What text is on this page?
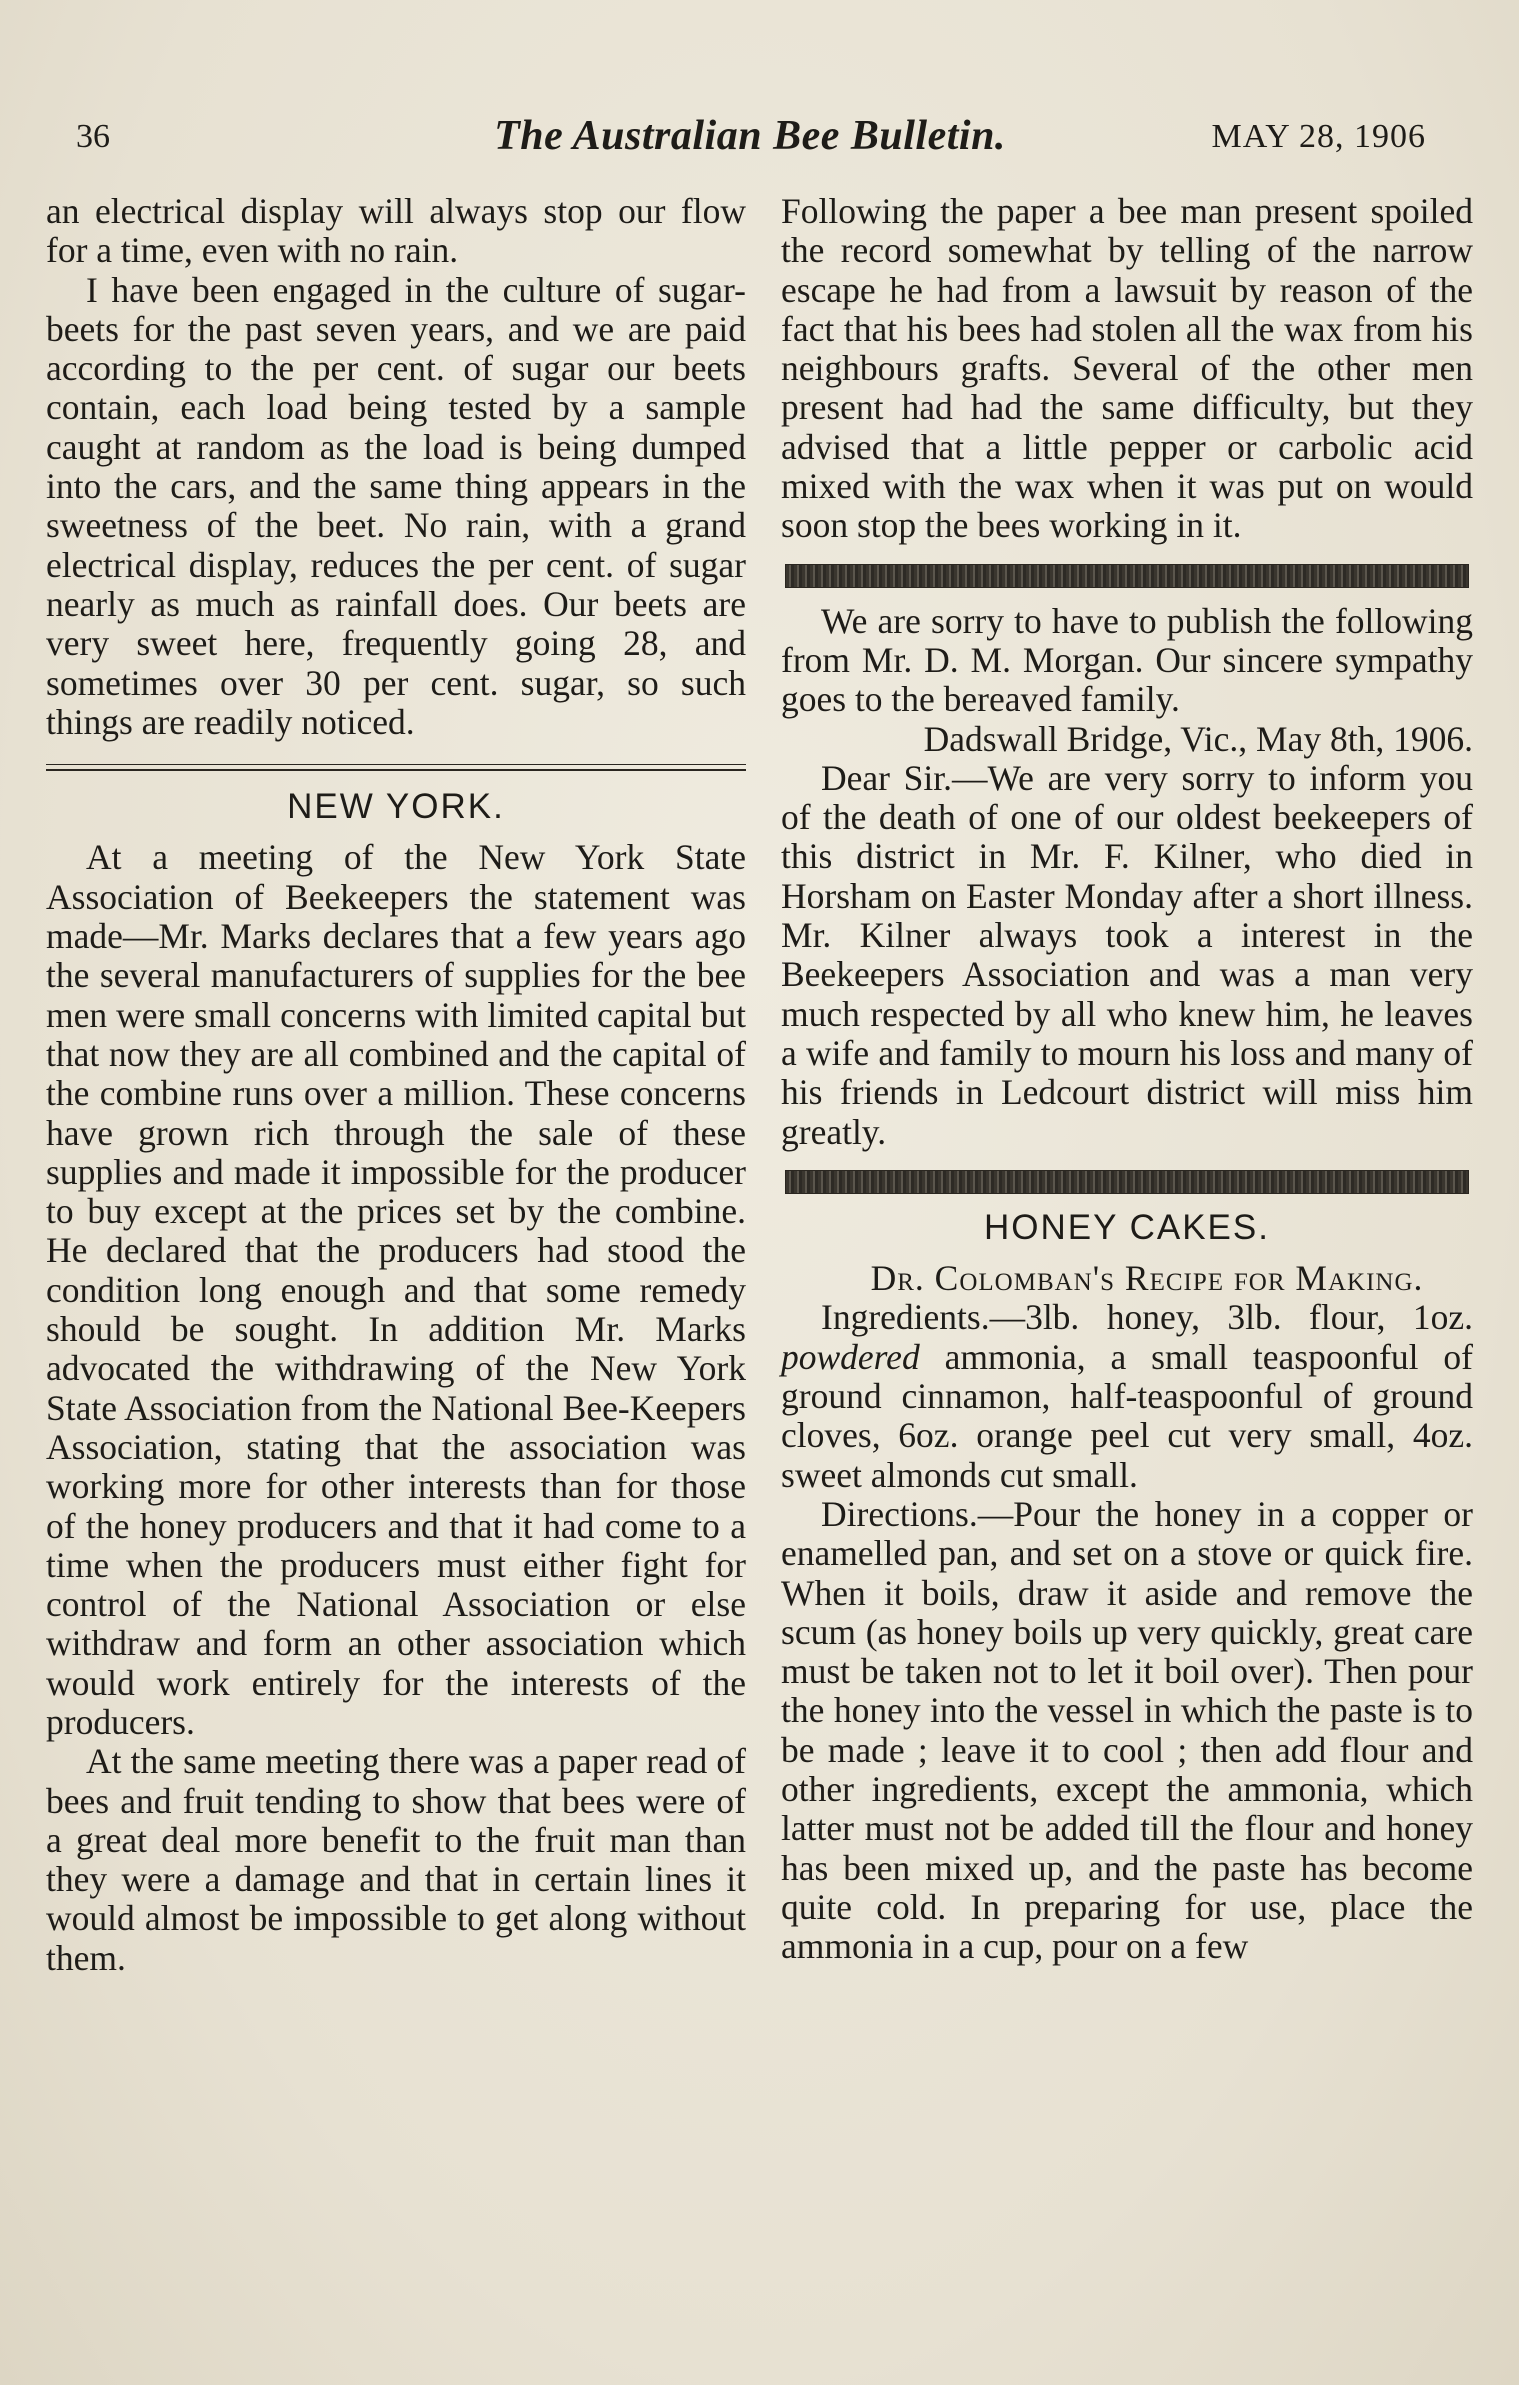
36	The Australian Bee Bulletin.	MAY 28, 1906

an electrical display will always stop our flow for a time, even with no rain.

I have been engaged in the culture of sugar-beets for the past seven years, and we are paid according to the per cent. of sugar our beets contain, each load being tested by a sample caught at random as the load is being dumped into the cars, and the same thing appears in the sweetness of the beet. No rain, with a grand electrical display, reduces the per cent. of sugar nearly as much as rainfall does. Our beets are very sweet here, frequently going 28, and sometimes over 30 per cent. sugar, so such things are readily noticed.

NEW YORK.

At a meeting of the New York State Association of Beekeepers the statement was made—Mr. Marks declares that a few years ago the several manufacturers of supplies for the bee men were small concerns with limited capital but that now they are all combined and the capital of the combine runs over a million. These concerns have grown rich through the sale of these supplies and made it impossible for the producer to buy except at the prices set by the combine. He declared that the producers had stood the condition long enough and that some remedy should be sought. In addition Mr. Marks advocated the withdrawing of the New York State Association from the National Bee-Keepers Association, stating that the association was working more for other interests than for those of the honey producers and that it had come to a time when the producers must either fight for control of the National Association or else withdraw and form an other association which would work entirely for the interests of the producers.

At the same meeting there was a paper read of bees and fruit tending to show that bees were of a great deal more benefit to the fruit man than they were a damage and that in certain lines it would almost be impossible to get along without them.

Following the paper a bee man present spoiled the record somewhat by telling of the narrow escape he had from a lawsuit by reason of the fact that his bees had stolen all the wax from his neighbours grafts. Several of the other men present had had the same difficulty, but they advised that a little pepper or carbolic acid mixed with the wax when it was put on would soon stop the bees working in it.

We are sorry to have to publish the following from Mr. D. M. Morgan. Our sincere sympathy goes to the bereaved family.

Dadswall Bridge, Vic., May 8th, 1906.

Dear Sir.—We are very sorry to inform you of the death of one of our oldest beekeepers of this district in Mr. F. Kilner, who died in Horsham on Easter Monday after a short illness. Mr. Kilner always took a interest in the Beekeepers Association and was a man very much respected by all who knew him, he leaves a wife and family to mourn his loss and many of his friends in Ledcourt district will miss him greatly.

HONEY CAKES.

Dr. Colomban's Recipe for Making.

Ingredients.—3lb. honey, 3lb. flour, 1oz. powdered ammonia, a small teaspoonful of ground cinnamon, half-teaspoonful of ground cloves, 6oz. orange peel cut very small, 4oz. sweet almonds cut small.

Directions.—Pour the honey in a copper or enamelled pan, and set on a stove or quick fire. When it boils, draw it aside and remove the scum (as honey boils up very quickly, great care must be taken not to let it boil over). Then pour the honey into the vessel in which the paste is to be made ; leave it to cool ; then add flour and other ingredients, except the ammonia, which latter must not be added till the flour and honey has been mixed up, and the paste has become quite cold. In preparing for use, place the ammonia in a cup, pour on a few
